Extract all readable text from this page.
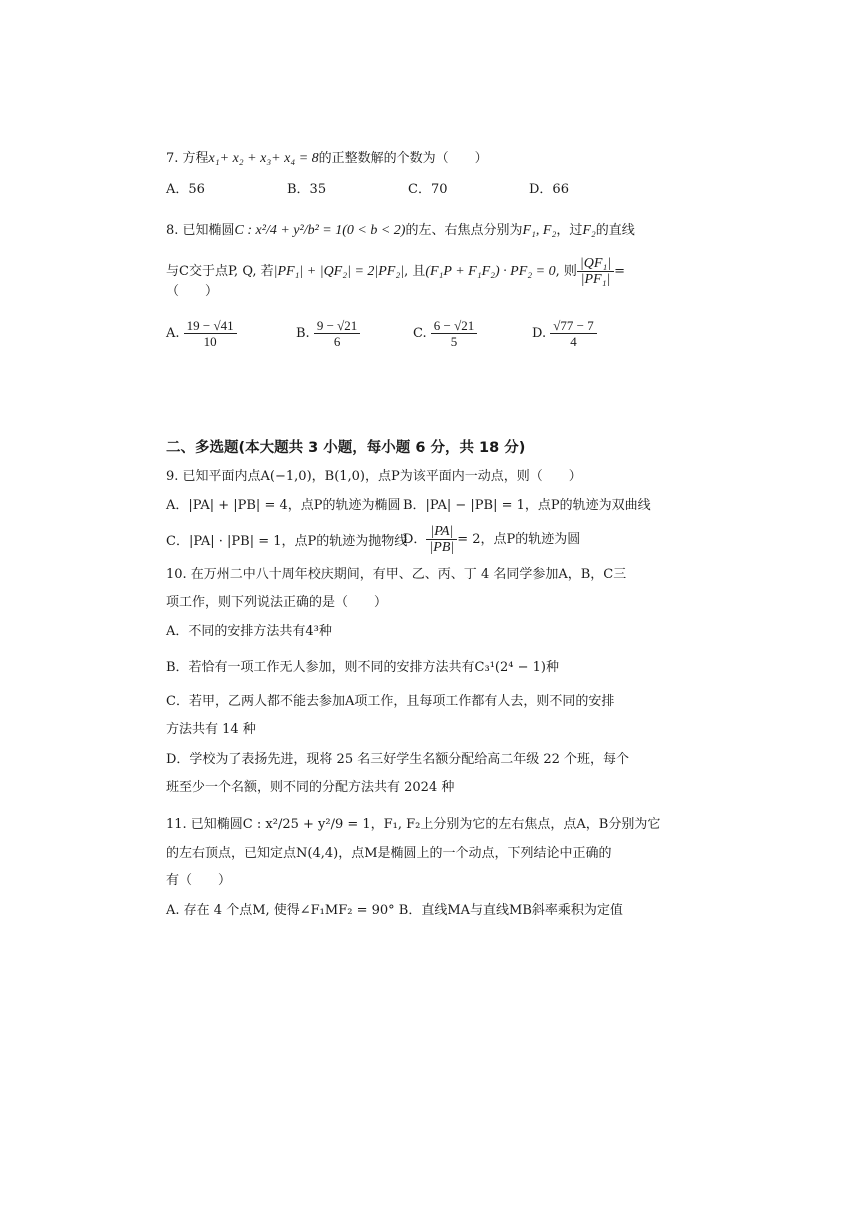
7. 方程x₁+ x₂ + x₃+ x₄ = 8的正整数解的个数为（　　）
A．56	B．35	C．70	D．66
8. 已知椭圆C : x²/4 + y²/b² = 1(0 < b < 2)的左、右焦点分别为F₁, F₂，过F₂的直线
与C交于点P, Q, 若|PF₁| + |QF₂| = 2|PF₂|, 且(F₁P + F₁F₂) · PF₂ = 0, 则 $\frac{\text{|QF₁|}}{\text{|PF₁|}}$ =
（　　）
A. $\frac{19 - √41}{10}$	B. $\frac{9 - √21}{6}$	C. $\frac{6 - √21}{5}$	D. $\frac{√77 - 7}{4}$
二、多选题(本大题共 3 小题，每小题 6 分，共 18 分)
9. 已知平面内点A(−1,0)，B(1,0)，点P为该平面内一动点，则（　　）
A．|PA| + |PB| = 4，点P的轨迹为椭圆 B．|PA| − |PB| = 1，点P的轨迹为双曲线
C．|PA| · |PB| = 1，点P的轨迹为抛物线
D． $\frac{|PA|}{|PB|} = 2$，点P的轨迹为圆
10. 在万州二中八十周年校庆期间，有甲、乙、丙、丁 4 名同学参加A，B，C三
项工作，则下列说法正确的是（　　）
A．不同的安排方法共有4³种
B．若恰有一项工作无人参加，则不同的安排方法共有C₃¹(2⁴ − 1)种
C．若甲，乙两人都不能去参加A项工作，且每项工作都有人去，则不同的安排
方法共有 14 种
D．学校为了表扬先进，现将 25 名三好学生名额分配给高二年级 22 个班，每个
班至少一个名额，则不同的分配方法共有 2024 种
11. 已知椭圆C : x²/25 + y²/9 = 1，F₁, F₂上分别为它的左右焦点，点A，B分别为它
的左右顶点，已知定点N(4,4)，点M是椭圆上的一个动点，下列结论中正确的
有（　　）
A. 存在 4 个点M, 使得∠F₁MF₂ = 90° B．直线MA与直线MB斜率乘积为定值
